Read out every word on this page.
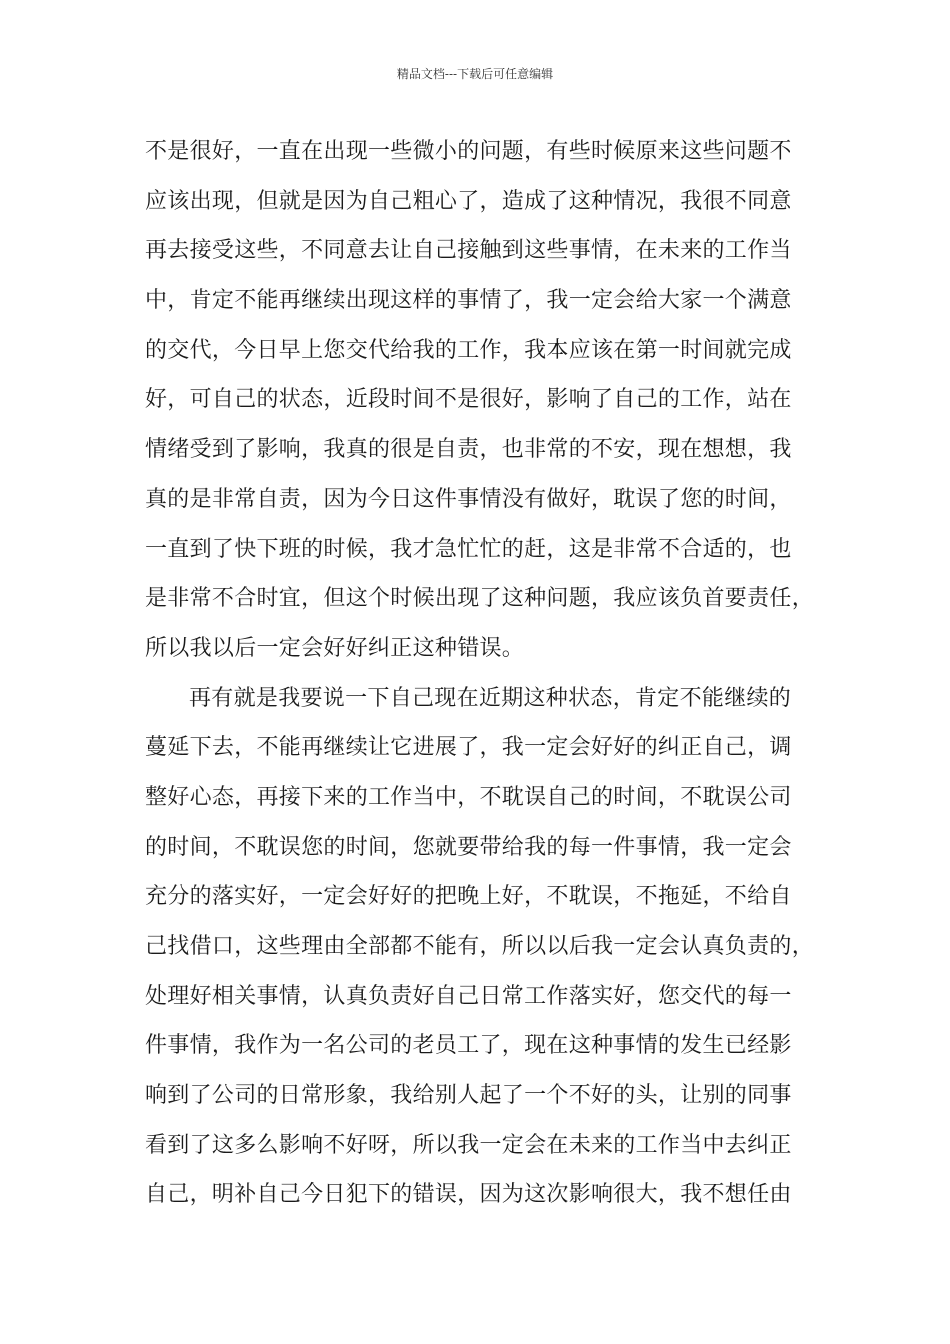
精品文档---下载后可任意编辑
不是很好，一直在出现一些微小的问题，有些时候原来这些问题不
应该出现，但就是因为自己粗心了，造成了这种情况，我很不同意
再去接受这些，不同意去让自己接触到这些事情，在未来的工作当
中，肯定不能再继续出现这样的事情了，我一定会给大家一个满意
的交代，今日早上您交代给我的工作，我本应该在第一时间就完成
好，可自己的状态，近段时间不是很好，影响了自己的工作，站在
情绪受到了影响，我真的很是自责，也非常的不安，现在想想，我
真的是非常自责，因为今日这件事情没有做好，耽误了您的时间，
一直到了快下班的时候，我才急忙忙的赶，这是非常不合适的，也
是非常不合时宜，但这个时候出现了这种问题，我应该负首要责任，
所以我以后一定会好好纠正这种错误。
再有就是我要说一下自己现在近期这种状态，肯定不能继续的
蔓延下去，不能再继续让它进展了，我一定会好好的纠正自己，调
整好心态，再接下来的工作当中，不耽误自己的时间，不耽误公司
的时间，不耽误您的时间，您就要带给我的每一件事情，我一定会
充分的落实好，一定会好好的把晚上好，不耽误，不拖延，不给自
己找借口，这些理由全部都不能有，所以以后我一定会认真负责的，
处理好相关事情，认真负责好自己日常工作落实好，您交代的每一
件事情，我作为一名公司的老员工了，现在这种事情的发生已经影
响到了公司的日常形象，我给别人起了一个不好的头，让别的同事
看到了这多么影响不好呀，所以我一定会在未来的工作当中去纠正
自己，明补自己今日犯下的错误，因为这次影响很大，我不想任由
